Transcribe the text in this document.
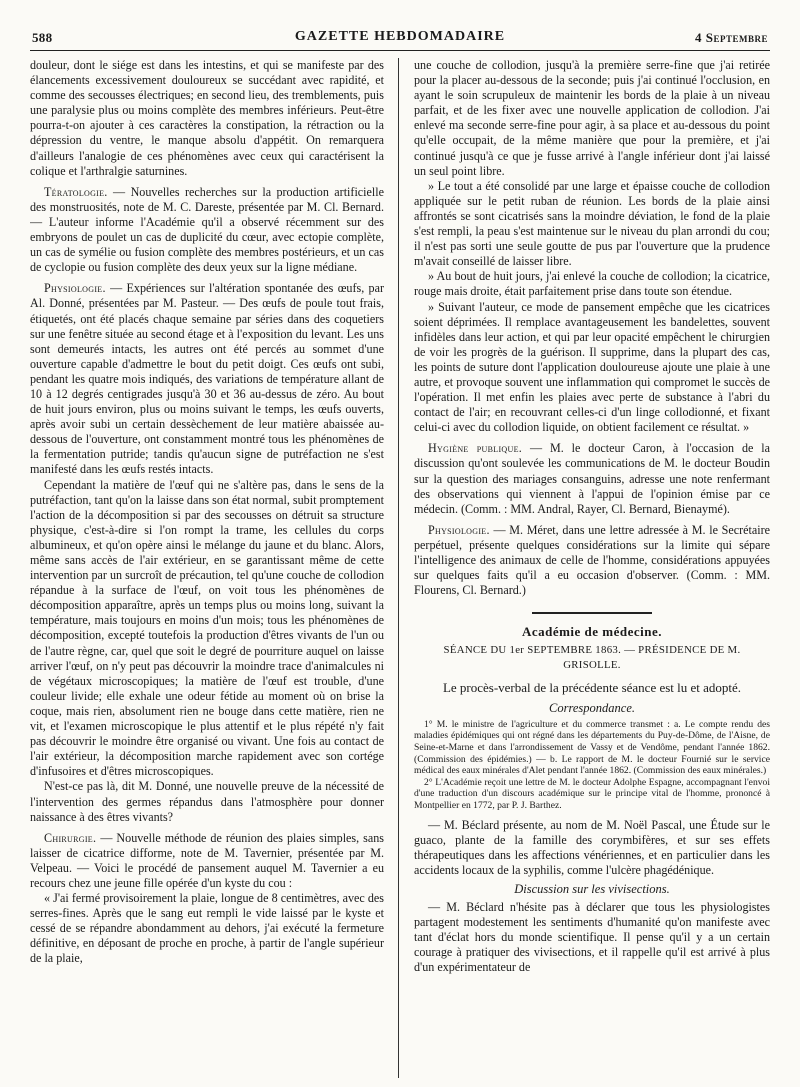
588	GAZETTE HEBDOMADAIRE	4 Septembre

douleur, dont le siége est dans les intestins, et qui se manifeste par des élancements excessivement douloureux se succédant avec rapidité, et comme des secousses électriques; en second lieu, des tremblements, puis une paralysie plus ou moins complète des membres inférieurs. Peut-être pourra-t-on ajouter à ces caractères la constipation, la rétraction ou la dépression du ventre, le manque absolu d'appétit. On remarquera d'ailleurs l'analogie de ces phénomènes avec ceux qui caractérisent la colique et l'arthralgie saturnines.

Tératologie. — Nouvelles recherches sur la production artificielle des monstruosités, note de M. C. Dareste, présentée par M. Cl. Bernard. — L'auteur informe l'Académie qu'il a observé récemment sur des embryons de poulet un cas de duplicité du cœur, avec ectopie complète, un cas de symélie ou fusion complète des membres postérieurs, et un cas de cyclopie ou fusion complète des deux yeux sur la ligne médiane.

Physiologie. — Expériences sur l'altération spontanée des œufs, par Al. Donné, présentées par M. Pasteur. — Des œufs de poule tout frais, étiquetés, ont été placés chaque semaine par séries dans des coquetiers sur une fenêtre située au second étage et à l'exposition du levant. Les uns sont demeurés intacts, les autres ont été percés au sommet d'une ouverture capable d'admettre le bout du petit doigt. Ces œufs ont subi, pendant les quatre mois indiqués, des variations de température allant de 10 à 12 degrés centigrades jusqu'à 30 et 36 au-dessus de zéro. Au bout de huit jours environ, plus ou moins suivant le temps, les œufs ouverts, après avoir subi un certain dessèchement de leur matière abaissée au-dessous de l'ouverture, ont constamment montré tous les phénomènes de la fermentation putride; tandis qu'aucun signe de putréfaction ne s'est manifesté dans les œufs restés intacts.

Cependant la matière de l'œuf qui ne s'altère pas, dans le sens de la putréfaction, tant qu'on la laisse dans son état normal, subit promptement l'action de la décomposition si par des secousses on détruit sa structure physique, c'est-à-dire si l'on rompt la trame, les cellules du corps albumineux, et qu'on opère ainsi le mélange du jaune et du blanc. Alors, même sans accès de l'air extérieur, en se garantissant même de cette intervention par un surcroît de précaution, tel qu'une couche de collodion répandue à la surface de l'œuf, on voit tous les phénomènes de décomposition apparaître, après un temps plus ou moins long, suivant la température, mais toujours en moins d'un mois; tous les phénomènes de décomposition, excepté toutefois la production d'êtres vivants de l'un ou de l'autre règne, car, quel que soit le degré de pourriture auquel on laisse arriver l'œuf, on n'y peut pas découvrir la moindre trace d'animalcules ni de végétaux microscopiques; la matière de l'œuf est trouble, d'une couleur livide; elle exhale une odeur fétide au moment où on brise la coque, mais rien, absolument rien ne bouge dans cette matière, rien ne vit, et l'examen microscopique le plus attentif et le plus répété n'y fait pas découvrir le moindre être organisé ou vivant. Une fois au contact de l'air extérieur, la décomposition marche rapidement avec son cortége d'infusoires et d'êtres microscopiques.

N'est-ce pas là, dit M. Donné, une nouvelle preuve de la nécessité de l'intervention des germes répandus dans l'atmosphère pour donner naissance à des êtres vivants?

Chirurgie. — Nouvelle méthode de réunion des plaies simples, sans laisser de cicatrice difforme, note de M. Tavernier, présentée par M. Velpeau. — Voici le procédé de pansement auquel M. Tavernier a eu recours chez une jeune fille opérée d'un kyste du cou :

« J'ai fermé provisoirement la plaie, longue de 8 centimètres, avec des serres-fines. Après que le sang eut rempli le vide laissé par le kyste et cessé de se répandre abondamment au dehors, j'ai exécuté la fermeture définitive, en déposant de proche en proche, à partir de l'angle supérieur de la plaie,

une couche de collodion, jusqu'à la première serre-fine que j'ai retirée pour la placer au-dessous de la seconde; puis j'ai continué l'occlusion, en ayant le soin scrupuleux de maintenir les bords de la plaie à un niveau parfait, et de les fixer avec une nouvelle application de collodion. J'ai enlevé ma seconde serre-fine pour agir, à sa place et au-dessous du point qu'elle occupait, de la même manière que pour la première, et j'ai continué jusqu'à ce que je fusse arrivé à l'angle inférieur dont j'ai laissé un seul point libre.

» Le tout a été consolidé par une large et épaisse couche de collodion appliquée sur le petit ruban de réunion. Les bords de la plaie ainsi affrontés se sont cicatrisés sans la moindre déviation, le fond de la plaie s'est rempli, la peau s'est maintenue sur le niveau du plan arrondi du cou; il n'est pas sorti une seule goutte de pus par l'ouverture que la prudence m'avait conseillé de laisser libre.

» Au bout de huit jours, j'ai enlevé la couche de collodion; la cicatrice, rouge mais droite, était parfaitement prise dans toute son étendue.

» Suivant l'auteur, ce mode de pansement empêche que les cicatrices soient déprimées. Il remplace avantageusement les bandelettes, souvent infidèles dans leur action, et qui par leur opacité empêchent le chirurgien de voir les progrès de la guérison. Il supprime, dans la plupart des cas, les points de suture dont l'application douloureuse ajoute une plaie à une autre, et provoque souvent une inflammation qui compromet le succès de l'opération. Il met enfin les plaies avec perte de substance à l'abri du contact de l'air; en recouvrant celles-ci d'un linge collodionné, et fixant celui-ci avec du collodion liquide, on obtient facilement ce résultat. »

Hygiène publique. — M. le docteur Caron, à l'occasion de la discussion qu'ont soulevée les communications de M. le docteur Boudin sur la question des mariages consanguins, adresse une note renfermant des observations qui viennent à l'appui de l'opinion émise par ce médecin. (Comm. : MM. Andral, Rayer, Cl. Bernard, Bienaymé).

Physiologie. — M. Méret, dans une lettre adressée à M. le Secrétaire perpétuel, présente quelques considérations sur la limite qui sépare l'intelligence des animaux de celle de l'homme, considérations appuyées sur quelques faits qu'il a eu occasion d'observer. (Comm. : MM. Flourens, Cl. Bernard.)

Académie de médecine.
SÉANCE DU 1er SEPTEMBRE 1863. — PRÉSIDENCE DE M. GRISOLLE.
Le procès-verbal de la précédente séance est lu et adopté.
Correspondance.

1° M. le ministre de l'agriculture et du commerce transmet : a. Le compte rendu des maladies épidémiques qui ont régné dans les départements du Puy-de-Dôme, de l'Aisne, de Seine-et-Marne et dans l'arrondissement de Vassy et de Vendôme, pendant l'année 1862. (Commission des épidémies.) — b. Le rapport de M. le docteur Fournié sur le service médical des eaux minérales d'Alet pendant l'année 1862. (Commission des eaux minérales.)

2° L'Académie reçoit une lettre de M. le docteur Adolphe Espagne, accompagnant l'envoi d'une traduction d'un discours académique sur le principe vital de l'homme, prononcé à Montpellier en 1772, par P. J. Barthez.

— M. Béclard présente, au nom de M. Noël Pascal, une Étude sur le guaco, plante de la famille des corymbifères, et sur ses effets thérapeutiques dans les affections vénériennes, et en particulier dans les accidents locaux de la syphilis, comme l'ulcère phagédénique.

Discussion sur les vivisections.

— M. Béclard n'hésite pas à déclarer que tous les physiologistes partagent modestement les sentiments d'humanité qu'on manifeste avec tant d'éclat hors du monde scientifique. Il pense qu'il y a un certain courage à pratiquer des vivisections, et il rappelle qu'il est arrivé à plus d'un expérimentateur de
